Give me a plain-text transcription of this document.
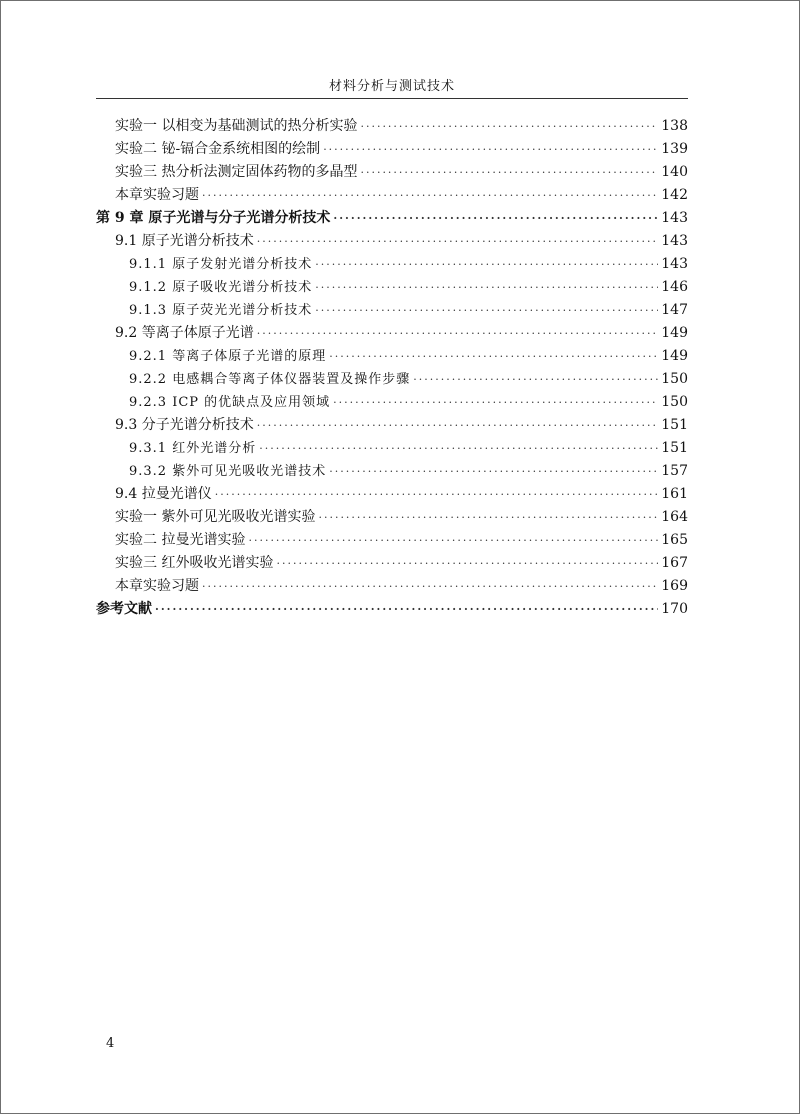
材料分析与测试技术
实验一 以相变为基础测试的热分析实验 ·····	138
实验二 铋-镉合金系统相图的绘制 ·····	139
实验三 热分析法测定固体药物的多晶型 ·····	140
本章实验习题 ·····	142
第 9 章 原子光谱与分子光谱分析技术 ·····	143
9.1 原子光谱分析技术 ·····	143
9.1.1 原子发射光谱分析技术 ·····	143
9.1.2 原子吸收光谱分析技术 ·····	146
9.1.3 原子荧光光谱分析技术 ·····	147
9.2 等离子体原子光谱 ·····	149
9.2.1 等离子体原子光谱的原理 ·····	149
9.2.2 电感耦合等离子体仪器装置及操作步骤 ·····	150
9.2.3 ICP 的优缺点及应用领域 ·····	150
9.3 分子光谱分析技术 ·····	151
9.3.1 红外光谱分析 ·····	151
9.3.2 紫外可见光吸收光谱技术 ·····	157
9.4 拉曼光谱仪 ·····	161
实验一 紫外可见光吸收光谱实验 ·····	164
实验二 拉曼光谱实验 ·····	165
实验三 红外吸收光谱实验 ·····	167
本章实验习题 ·····	169
参考文献 ·····	170
4
